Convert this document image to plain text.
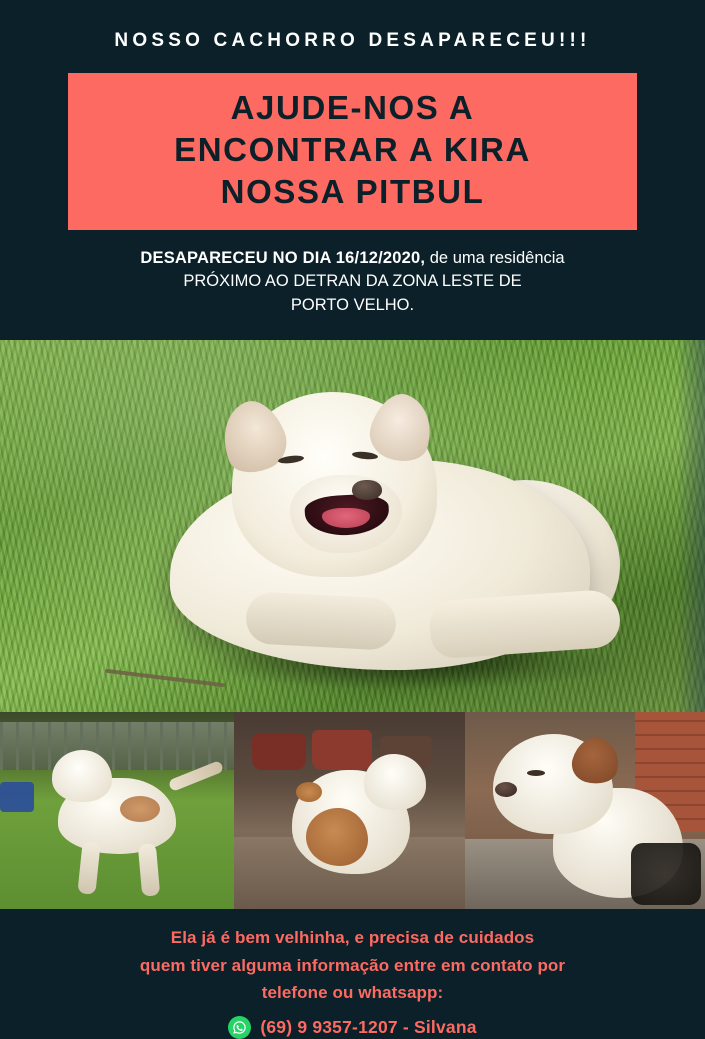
NOSSO CACHORRO DESAPARECEU!!!

AJUDE-NOS A

ENCONTRAR A KIRA

NOSSA PITBUL

DESAPARECEU NO DIA 16/12/2020, de uma residência
PRÓXIMO AO DETRAN DA ZONA LESTE DE
PORTO VELHO.

Ela já é bem velhinha, e precisa de cuidados

quem tiver alguma informação entre em contato por

telefone ou whatsapp:

(69) 9 9357-1207 - Silvana
